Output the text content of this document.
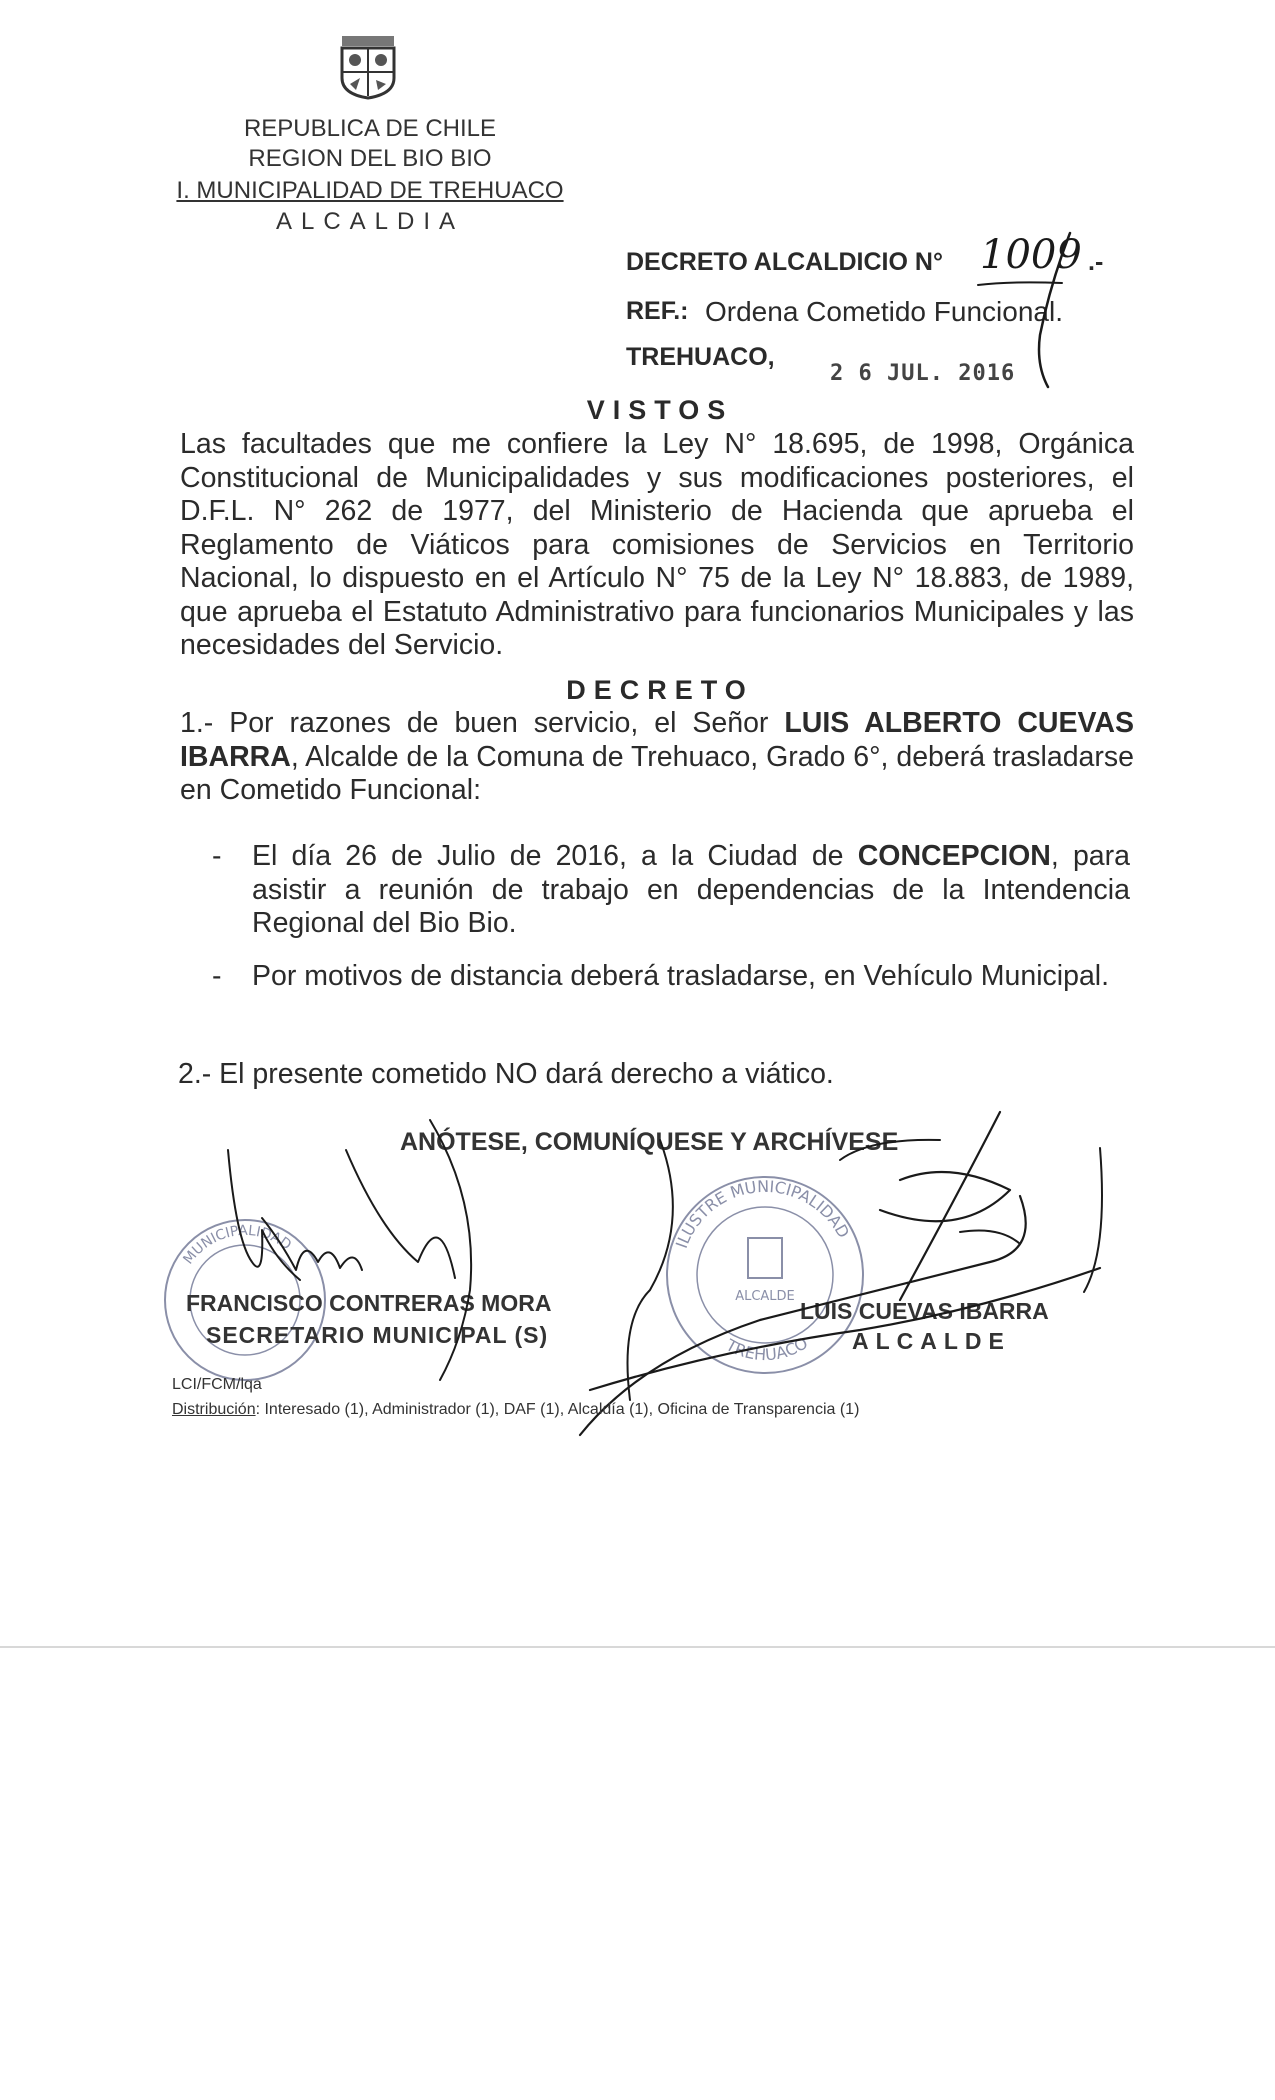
REPUBLICA DE CHILE
REGION DEL BIO BIO
I. MUNICIPALIDAD DE TREHUACO
ALCALDIA
DECRETO ALCALDICIO N° 1009 .-
REF.: Ordena Cometido Funcional.
TREHUACO,
2 6 JUL. 2016
VISTOS
Las facultades que me confiere la Ley N° 18.695, de 1998, Orgánica Constitucional de Municipalidades y sus modificaciones posteriores, el D.F.L. N° 262 de 1977, del Ministerio de Hacienda que aprueba el Reglamento de Viáticos para comisiones de Servicios en Territorio Nacional, lo dispuesto en el Artículo N° 75 de la Ley N° 18.883, de 1989, que aprueba el Estatuto Administrativo para funcionarios Municipales y las necesidades del Servicio.
DECRETO
1.- Por razones de buen servicio, el Señor LUIS ALBERTO CUEVAS IBARRA, Alcalde de la Comuna de Trehuaco, Grado 6°, deberá trasladarse en Cometido Funcional:
- El día 26 de Julio de 2016, a la Ciudad de CONCEPCION, para asistir a reunión de trabajo en dependencias de la Intendencia Regional del Bio Bio.
- Por motivos de distancia deberá trasladarse, en Vehículo Municipal.
2.- El presente cometido NO dará derecho a viático.
ANÓTESE, COMUNÍQUESE Y ARCHÍVESE
MUNICIPALIDAD	ILUSTRE MUNICIPALIDAD
TREHUACO
ALCALDE
FRANCISCO CONTRERAS MORA
SECRETARIO MUNICIPAL (S)
LUIS CUEVAS IBARRA
ALCALDE
LCI/FCM/lqa
Distribución: Interesado (1), Administrador (1), DAF (1), Alcaldía (1), Oficina de Transparencia (1)
